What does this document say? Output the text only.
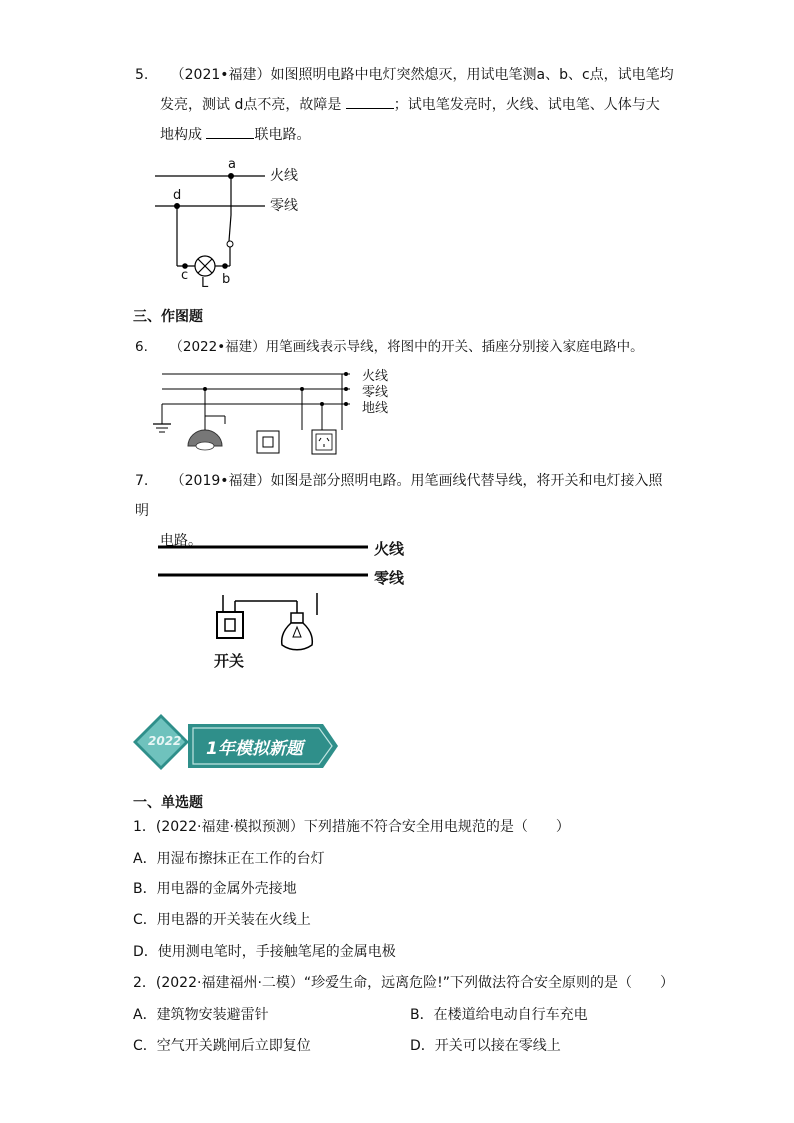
5. （2021•福建）如图照明电路中电灯突然熄灭，用试电笔测a、b、c点，试电笔均
发亮，测试 d点不亮，故障是	；试电笔发亮时，火线、试电笔、人体与大
地构成	联电路。
a
d
c	b
L
火线
零线
三、作图题
6. （2022•福建）用笔画线表示导线，将图中的开关、插座分别接入家庭电路中。
火线
零线
地线
7. （2019•福建）如图是部分照明电路。用笔画线代替导线，将开关和电灯接入照明
电路。	火线
零线
开关
2022 1年模拟新题
一、单选题
1．(2022·福建·模拟预测）下列措施不符合安全用电规范的是（　　）
A．用湿布擦抹正在工作的台灯
B．用电器的金属外壳接地
C．用电器的开关装在火线上
D．使用测电笔时，手接触笔尾的金属电极
2．(2022·福建福州·二模）“珍爱生命，远离危险!”下列做法符合安全原则的是（　　）
A．建筑物安装避雷针	B．在楼道给电动自行车充电
C．空气开关跳闸后立即复位	D．开关可以接在零线上
